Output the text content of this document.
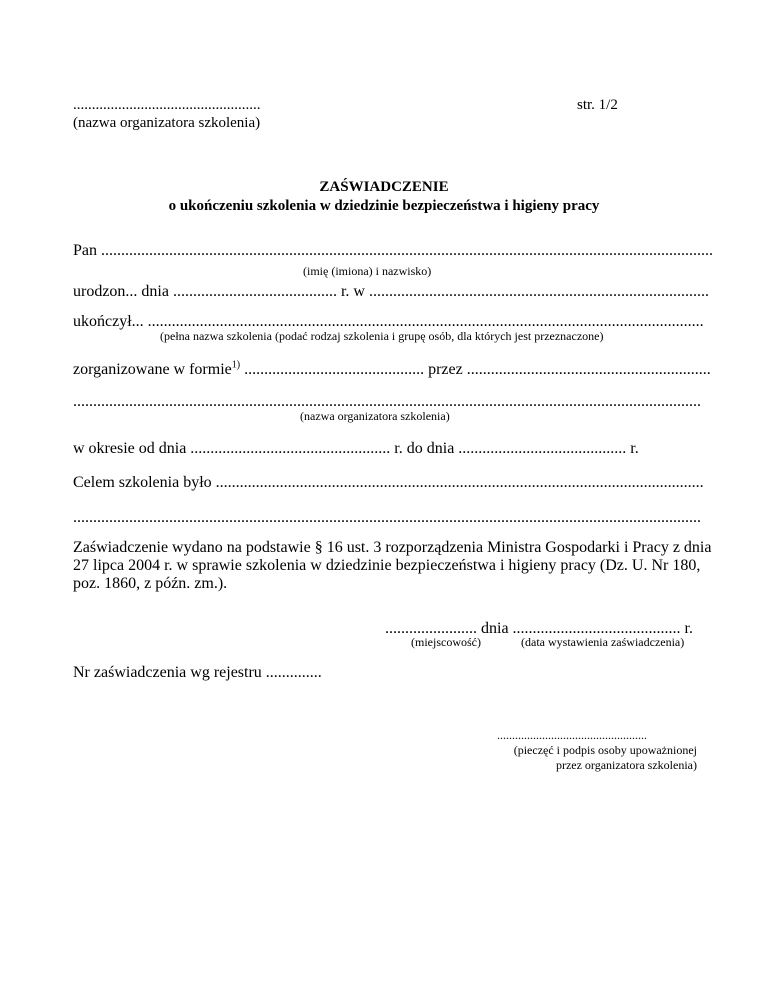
..................................................
(nazwa organizatora szkolenia)
str. 1/2
ZAŚWIADCZENIE
o ukończeniu szkolenia w dziedzinie bezpieczeństwa i higieny pracy
Pan .........................................................................................................................................................
(imię (imiona) i nazwisko)
urodzon... dnia ......................................... r. w .....................................................................................
ukończył... ...........................................................................................................................................
(pełna nazwa szkolenia (podać rodzaj szkolenia i grupę osób, dla których jest przeznaczone)
zorganizowane w formie$^{1)}$ ............................................. przez .............................................................
.............................................................................................................................................................
(nazwa organizatora szkolenia)
w okresie od dnia .................................................. r. do dnia .......................................... r.
Celem szkolenia było ..........................................................................................................................
.............................................................................................................................................................
Zaświadczenie wydano na podstawie § 16 ust. 3 rozporządzenia Ministra Gospodarki i Pracy z dnia
27 lipca 2004 r. w sprawie szkolenia w dziedzinie bezpieczeństwa i higieny pracy (Dz. U. Nr 180,
poz. 1860, z późn. zm.).
....................... dnia .......................................... r.
(miejscowość)	(data wystawienia zaświadczenia)
Nr zaświadczenia wg rejestru ..............
..................................................
(pieczęć i podpis osoby upoważnionej
przez organizatora szkolenia)
